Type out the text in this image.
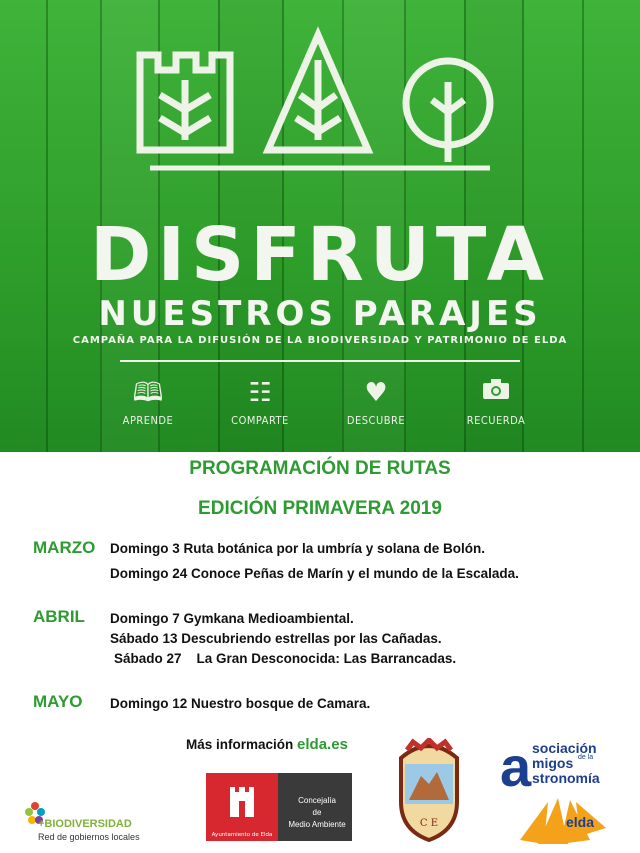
DISFRUTA
NUESTROS PARAJES
CAMPAÑA PARA LA DIFUSIÓN DE LA BIODIVERSIDAD Y PATRIMONIO DE ELDA
🕮︎
APRENDE
☷
COMPARTE
♥
DESCUBRE	RECUERDA
PROGRAMACIÓN DE RUTAS
EDICIÓN PRIMAVERA 2019
MARZO Domingo 3 Ruta botánica por la umbría y solana de Bolón.
Domingo 24 Conoce Peñas de Marín y el mundo de la Escalada.
ABRIL Domingo 7 Gymkana Medioambiental.
Sábado 13 Descubriendo estrellas por las Cañadas.
Sábado 27    La Gran Desconocida: Las Barrancadas.
MAYO Domingo 12 Nuestro bosque de Camara.
Más información elda.es
+BIODIVERSIDAD
Red de gobiernos locales	Ayuntamiento de Elda
Concejalía
de
Medio Ambiente	C E
a sociación
migos de la
stronomía
elda
